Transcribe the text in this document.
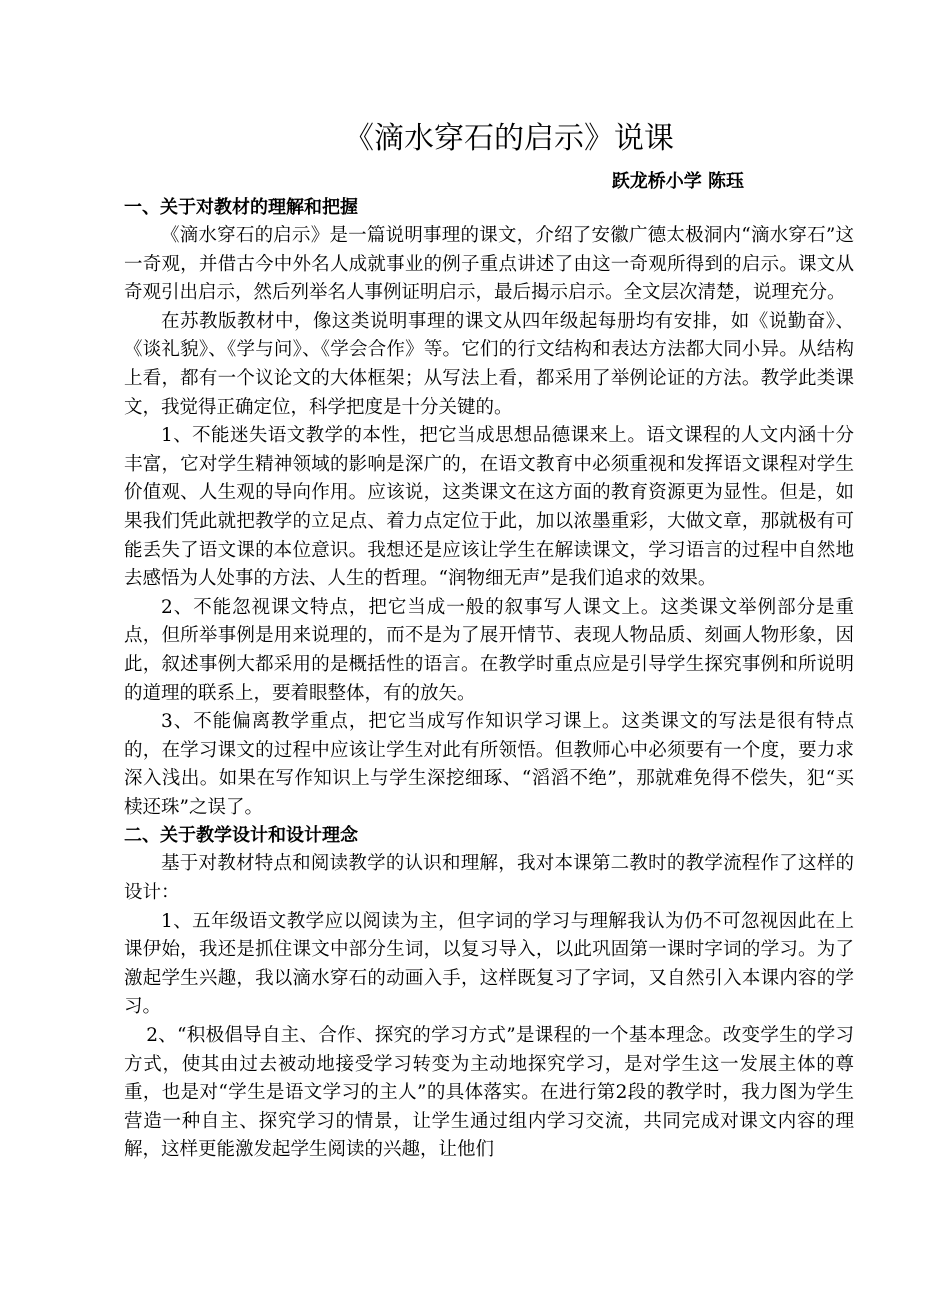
《滴水穿石的启示》说课
跃龙桥小学 陈珏
一、关于对教材的理解和把握

《滴水穿石的启示》是一篇说明事理的课文，介绍了安徽广德太极洞内“滴水穿石”这一奇观，并借古今中外名人成就事业的例子重点讲述了由这一奇观所得到的启示。课文从奇观引出启示，然后列举名人事例证明启示，最后揭示启示。全文层次清楚，说理充分。

在苏教版教材中，像这类说明事理的课文从四年级起每册均有安排，如《说勤奋》、《谈礼貌》、《学与问》、《学会合作》等。它们的行文结构和表达方法都大同小异。从结构上看，都有一个议论文的大体框架；从写法上看，都采用了举例论证的方法。教学此类课文，我觉得正确定位，科学把度是十分关键的。

1、不能迷失语文教学的本性，把它当成思想品德课来上。语文课程的人文内涵十分丰富，它对学生精神领域的影响是深广的，在语文教育中必须重视和发挥语文课程对学生价值观、人生观的导向作用。应该说，这类课文在这方面的教育资源更为显性。但是，如果我们凭此就把教学的立足点、着力点定位于此，加以浓墨重彩，大做文章，那就极有可能丢失了语文课的本位意识。我想还是应该让学生在解读课文，学习语言的过程中自然地去感悟为人处事的方法、人生的哲理。“润物细无声”是我们追求的效果。

2、不能忽视课文特点，把它当成一般的叙事写人课文上。这类课文举例部分是重点，但所举事例是用来说理的，而不是为了展开情节、表现人物品质、刻画人物形象，因此，叙述事例大都采用的是概括性的语言。在教学时重点应是引导学生探究事例和所说明的道理的联系上，要着眼整体，有的放矢。

3、不能偏离教学重点，把它当成写作知识学习课上。这类课文的写法是很有特点的，在学习课文的过程中应该让学生对此有所领悟。但教师心中必须要有一个度，要力求深入浅出。如果在写作知识上与学生深挖细琢、“滔滔不绝”，那就难免得不偿失，犯“买椟还珠”之误了。

二、关于教学设计和设计理念

基于对教材特点和阅读教学的认识和理解，我对本课第二教时的教学流程作了这样的设计：

1、五年级语文教学应以阅读为主，但字词的学习与理解我认为仍不可忽视因此在上课伊始，我还是抓住课文中部分生词，以复习导入，以此巩固第一课时字词的学习。为了激起学生兴趣，我以滴水穿石的动画入手，这样既复习了字词，又自然引入本课内容的学习。

2、“积极倡导自主、合作、探究的学习方式”是课程的一个基本理念。改变学生的学习方式，使其由过去被动地接受学习转变为主动地探究学习，是对学生这一发展主体的尊重，也是对“学生是语文学习的主人”的具体落实。在进行第2段的教学时，我力图为学生营造一种自主、探究学习的情景，让学生通过组内学习交流，共同完成对课文内容的理解，这样更能激发起学生阅读的兴趣，让他们
